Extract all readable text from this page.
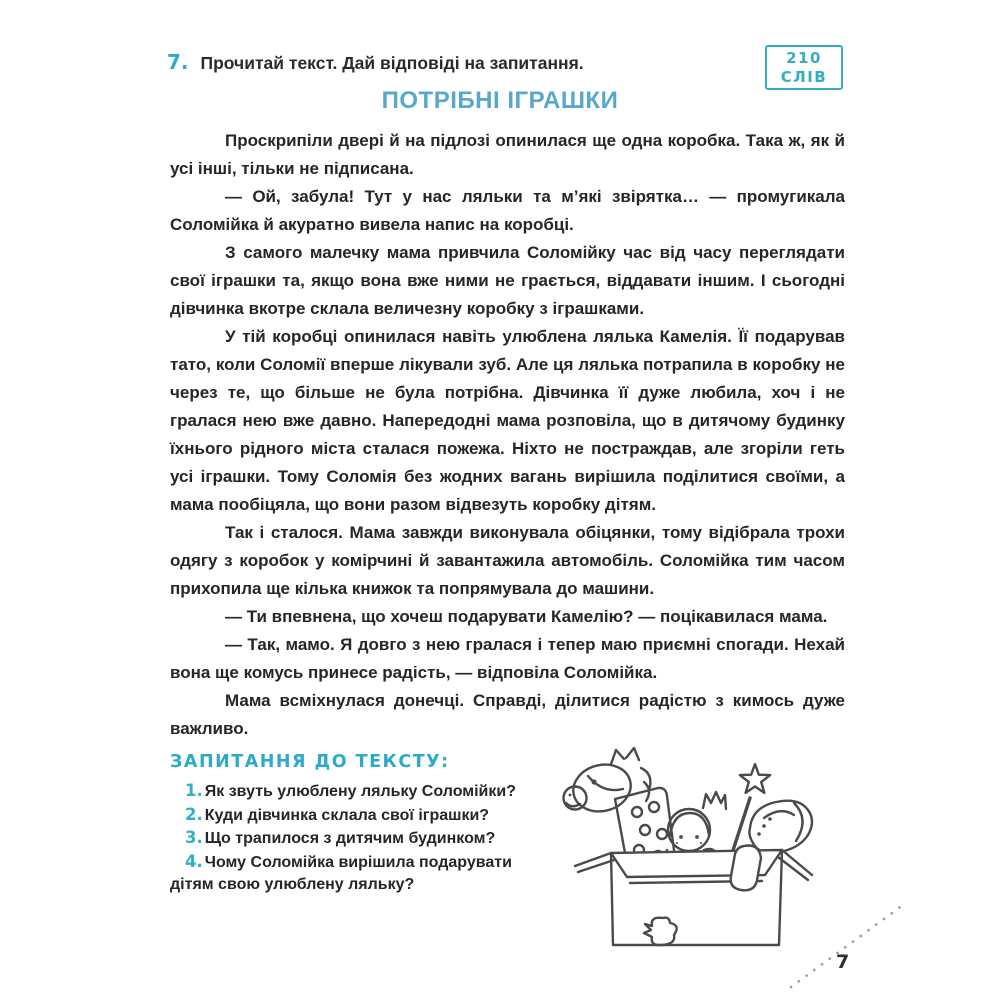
7. Прочитай текст. Дай відповіді на запитання.	210
СЛІВ
ПОТРІБНІ ІГРАШКИ

Проскрипіли двері й на підлозі опинилася ще одна коробка. Така ж, як й усі інші, тільки не підписана.

— Ой, забула! Тут у нас ляльки та м’які звірятка… — промугикала Соломійка й акуратно вивела напис на коробці.

З самого малечку мама привчила Соломійку час від часу переглядати свої іграшки та, якщо вона вже ними не грається, віддавати іншим. І сьогодні дівчинка вкотре склала величезну коробку з іграшками.

У тій коробці опинилася навіть улюблена лялька Камелія. Її подарував тато, коли Соломії вперше лікували зуб. Але ця лялька потрапила в коробку не через те, що більше не була потрібна. Дівчинка її дуже любила, хоч і не гралася нею вже давно. Напередодні мама розповіла, що в дитячому будинку їхнього рідного міста сталася пожежа. Ніхто не постраждав, але згоріли геть усі іграшки. Тому Соломія без жодних вагань вирішила поділитися своїми, а мама пообіцяла, що вони разом відвезуть коробку дітям.

Так і сталося. Мама завжди виконувала обіцянки, тому відібрала трохи одягу з коробок у комірчині й завантажила автомобіль. Соломійка тим часом прихопила ще кілька книжок та попрямувала до машини.

— Ти впевнена, що хочеш подарувати Камелію? — поцікавилася мама.

— Так, мамо. Я довго з нею гралася і тепер маю приємні спогади. Нехай вона ще комусь принесе радість, — відповіла Соломійка.

Мама всміхнулася донечці. Справді, ділитися радістю з кимось дуже важливо.

ЗАПИТАННЯ ДО ТЕКСТУ:
1. Як звуть улюблену ляльку Соломійки?
2. Куди дівчинка склала свої іграшки?
3. Що трапилося з дитячим будинком?
4. Чому Соломійка вирішила подарувати дітям свою улюблену ляльку?
7
